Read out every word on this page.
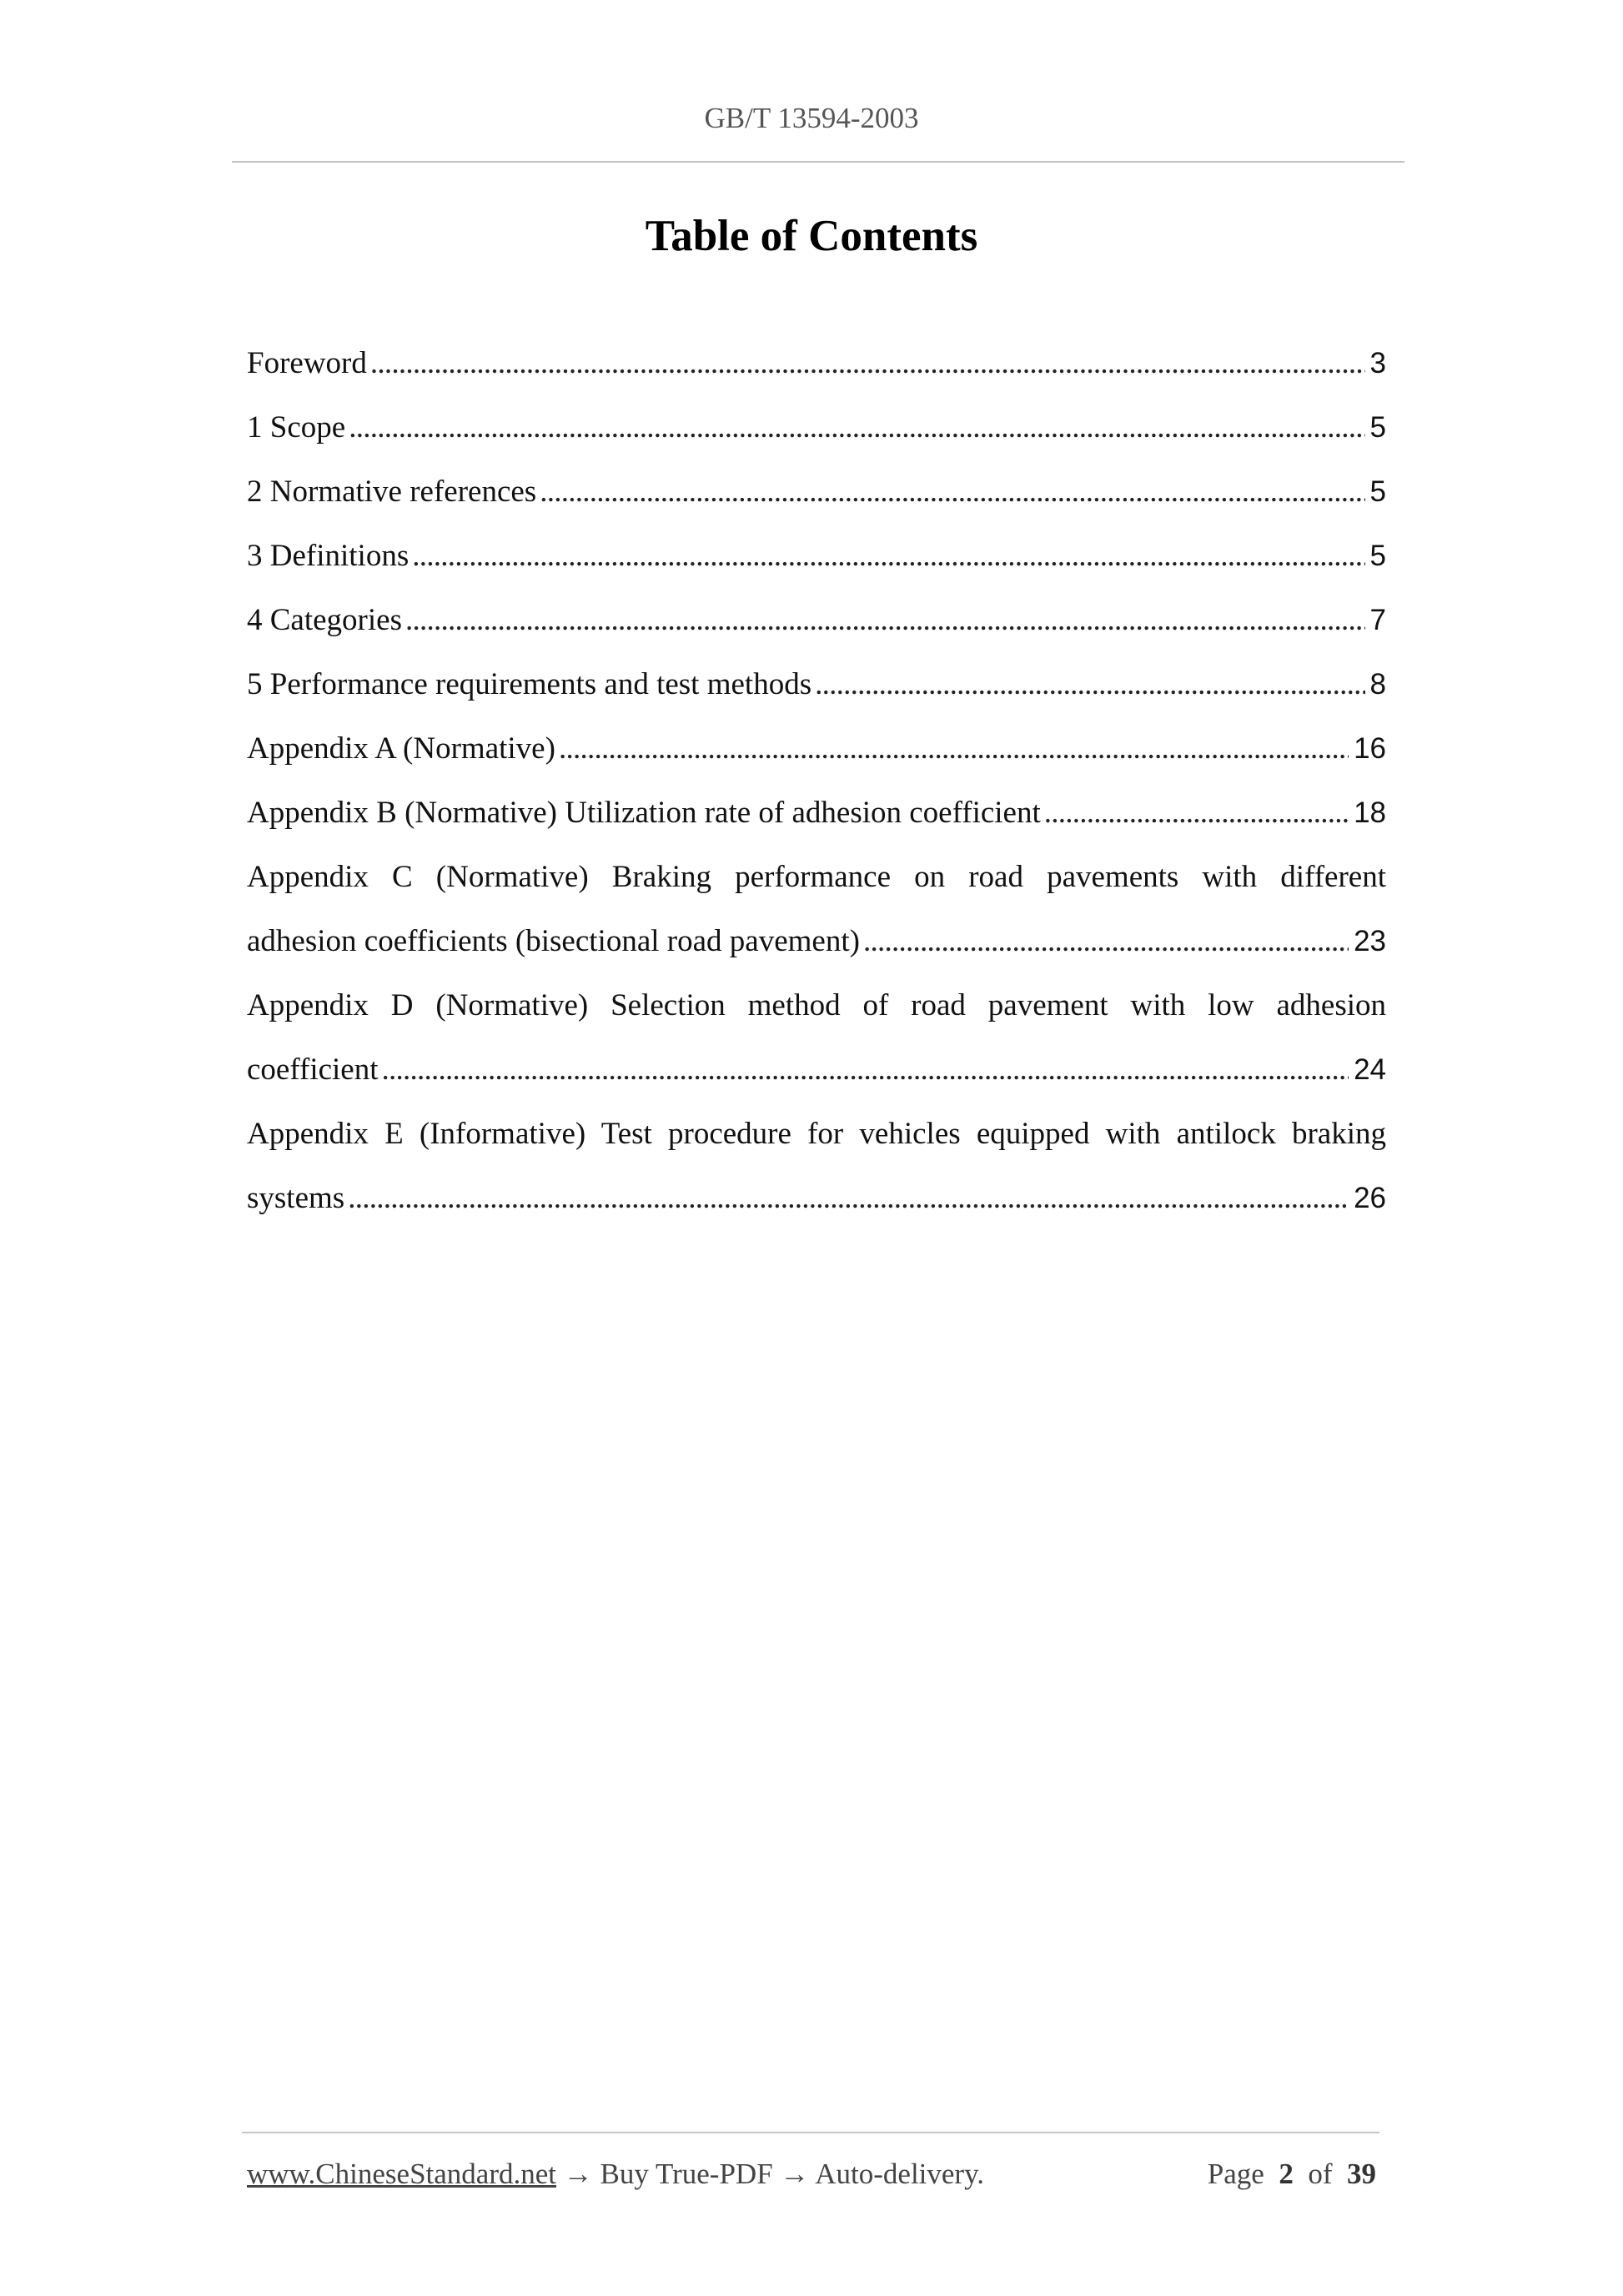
GB/T 13594-2003
Table of Contents
Foreword . . .	3
1 Scope . . .	5
2 Normative references . . .	5
3 Definitions . . .	5
4 Categories . . .	7
5 Performance requirements and test methods . . .	8
Appendix A (Normative) . . .	16
Appendix B (Normative) Utilization rate of adhesion coefficient . . .	18
Appendix C (Normative) Braking performance on road pavements with different
adhesion coefficients (bisectional road pavement) . . .	23
Appendix D (Normative) Selection method of road pavement with low adhesion
coefficient . . .	24
Appendix E (Informative) Test procedure for vehicles equipped with antilock braking
systems . . .	26
www.ChineseStandard.net → Buy True-PDF → Auto-delivery.	Page 2 of 39
